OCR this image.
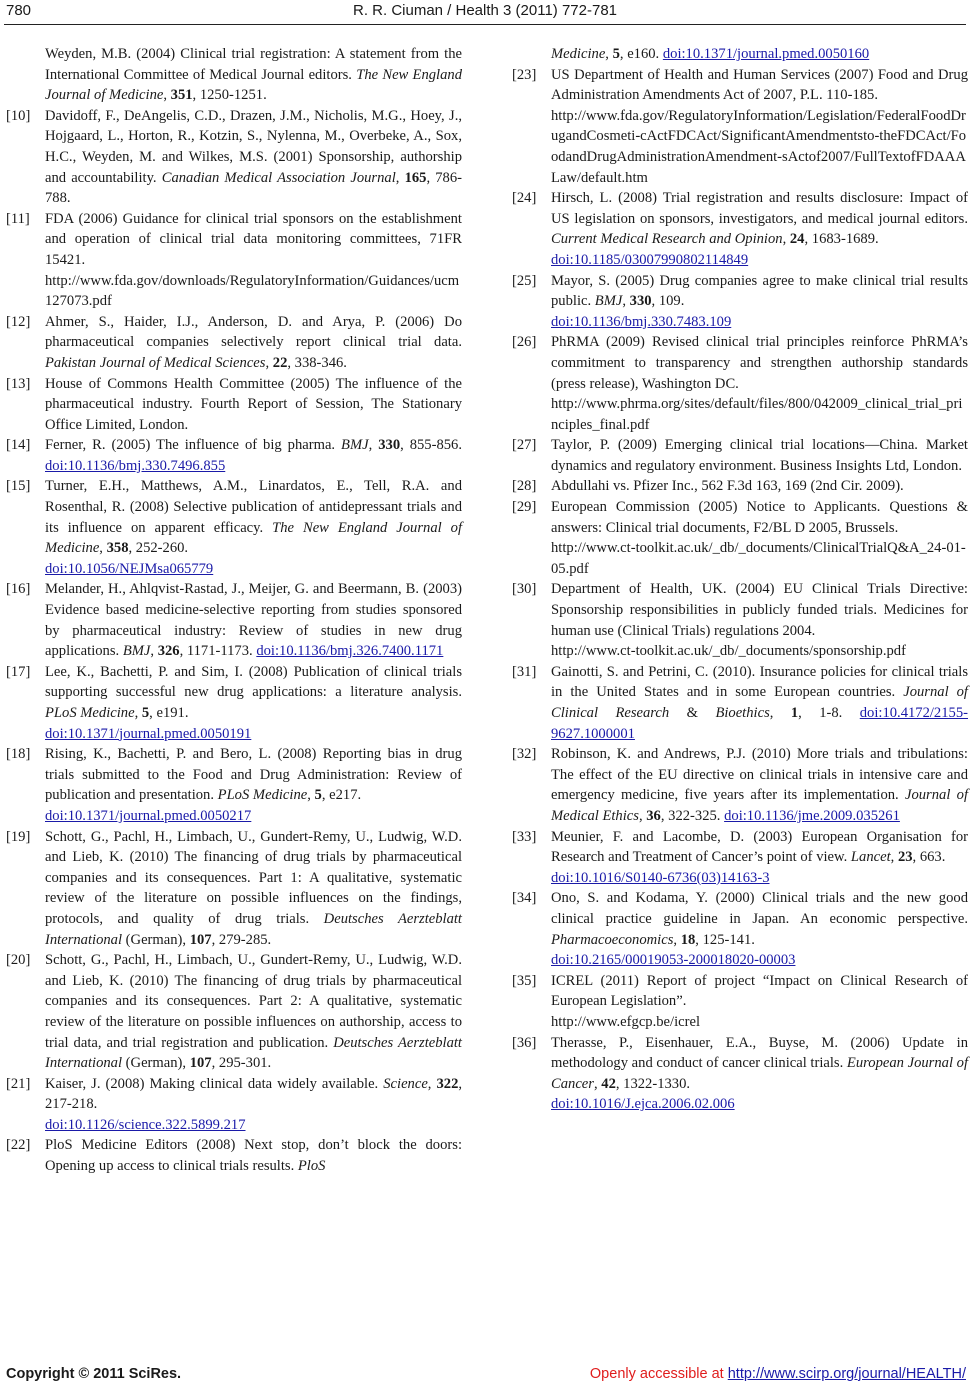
780	R. R. Ciuman / Health 3 (2011) 772-781
Weyden, M.B. (2004) Clinical trial registration: A statement from the International Committee of Medical Journal editors. The New England Journal of Medicine, 351, 1250-1251.
[10] Davidoff, F., DeAngelis, C.D., Drazen, J.M., Nicholis, M.G., Hoey, J., Hojgaard, L., Horton, R., Kotzin, S., Nylenna, M., Overbeke, A., Sox, H.C., Weyden, M. and Wilkes, M.S. (2001) Sponsorship, authorship and accountability. Canadian Medical Association Journal, 165, 786-788.
[11] FDA (2006) Guidance for clinical trial sponsors on the establishment and operation of clinical trial data monitoring committees, 71FR 15421.
http://www.fda.gov/downloads/RegulatoryInformation/Guidances/ucm127073.pdf
[12] Ahmer, S., Haider, I.J., Anderson, D. and Arya, P. (2006) Do pharmaceutical companies selectively report clinical trial data. Pakistan Journal of Medical Sciences, 22, 338-346.
[13] House of Commons Health Committee (2005) The influence of the pharmaceutical industry. Fourth Report of Session, The Stationary Office Limited, London.
[14] Ferner, R. (2005) The influence of big pharma. BMJ, 330, 855-856. doi:10.1136/bmj.330.7496.855
[15] Turner, E.H., Matthews, A.M., Linardatos, E., Tell, R.A. and Rosenthal, R. (2008) Selective publication of antidepressant trials and its influence on apparent efficacy. The New England Journal of Medicine, 358, 252-260.
doi:10.1056/NEJMsa065779
[16] Melander, H., Ahlqvist-Rastad, J., Meijer, G. and Beermann, B. (2003) Evidence based medicine-selective reporting from studies sponsored by pharmaceutical industry: Review of studies in new drug applications. BMJ, 326, 1171-1173. doi:10.1136/bmj.326.7400.1171
[17] Lee, K., Bachetti, P. and Sim, I. (2008) Publication of clinical trials supporting successful new drug applications: a literature analysis. PLoS Medicine, 5, e191.
doi:10.1371/journal.pmed.0050191
[18] Rising, K., Bachetti, P. and Bero, L. (2008) Reporting bias in drug trials submitted to the Food and Drug Administration: Review of publication and presentation. PLoS Medicine, 5, e217.
doi:10.1371/journal.pmed.0050217
[19] Schott, G., Pachl, H., Limbach, U., Gundert-Remy, U., Ludwig, W.D. and Lieb, K. (2010) The financing of drug trials by pharmaceutical companies and its consequences. Part 1: A qualitative, systematic review of the literature on possible influences on the findings, protocols, and quality of drug trials. Deutsches Aerzteblatt International (German), 107, 279-285.
[20] Schott, G., Pachl, H., Limbach, U., Gundert-Remy, U., Ludwig, W.D. and Lieb, K. (2010) The financing of drug trials by pharmaceutical companies and its consequences. Part 2: A qualitative, systematic review of the literature on possible influences on authorship, access to trial data, and trial registration and publication. Deutsches Aerzteblatt International (German), 107, 295-301.
[21] Kaiser, J. (2008) Making clinical data widely available. Science, 322, 217-218.
doi:10.1126/science.322.5899.217
[22] PloS Medicine Editors (2008) Next stop, don’t block the doors: Opening up access to clinical trials results. PloS
Medicine, 5, e160. doi:10.1371/journal.pmed.0050160
[23] US Department of Health and Human Services (2007) Food and Drug Administration Amendments Act of 2007, P.L. 110-185.
http://www.fda.gov/RegulatoryInformation/Legislation/FederalFoodDrugandCosmeti-cActFDCAct/SignificantAmendmentsto-theFDCAct/FoodandDrugAdministrationAmendment-sActof2007/FullTextofFDAAA Law/default.htm
[24] Hirsch, L. (2008) Trial registration and results disclosure: Impact of US legislation on sponsors, investigators, and medical journal editors. Current Medical Research and Opinion, 24, 1683-1689.
doi:10.1185/03007990802114849
[25] Mayor, S. (2005) Drug companies agree to make clinical trial results public. BMJ, 330, 109.
doi:10.1136/bmj.330.7483.109
[26] PhRMA (2009) Revised clinical trial principles reinforce PhRMA’s commitment to transparency and strengthen authorship standards (press release), Washington DC.
http://www.phrma.org/sites/default/files/800/042009_clinical_trial_principles_final.pdf
[27] Taylor, P. (2009) Emerging clinical trial locations—China. Market dynamics and regulatory environment. Business Insights Ltd, London.
[28] Abdullahi vs. Pfizer Inc., 562 F.3d 163, 169 (2nd Cir. 2009).
[29] European Commission (2005) Notice to Applicants. Questions & answers: Clinical trial documents, F2/BL D 2005, Brussels.
http://www.ct-toolkit.ac.uk/_db/_documents/ClinicalTrialQ&A_24-01-05.pdf
[30] Department of Health, UK. (2004) EU Clinical Trials Directive: Sponsorship responsibilities in publicly funded trials. Medicines for human use (Clinical Trials) regulations 2004.
http://www.ct-toolkit.ac.uk/_db/_documents/sponsorship.pdf
[31] Gainotti, S. and Petrini, C. (2010). Insurance policies for clinical trials in the United States and in some European countries. Journal of Clinical Research & Bioethics, 1, 1-8. doi:10.4172/2155-9627.1000001
[32] Robinson, K. and Andrews, P.J. (2010) More trials and tribulations: The effect of the EU directive on clinical trials in intensive care and emergency medicine, five years after its implementation. Journal of Medical Ethics, 36, 322-325. doi:10.1136/jme.2009.035261
[33] Meunier, F. and Lacombe, D. (2003) European Organisation for Research and Treatment of Cancer’s point of view. Lancet, 23, 663.
doi:10.1016/S0140-6736(03)14163-3
[34] Ono, S. and Kodama, Y. (2000) Clinical trials and the new good clinical practice guideline in Japan. An economic perspective. Pharmacoeconomics, 18, 125-141.
doi:10.2165/00019053-200018020-00003
[35] ICREL (2011) Report of project “Impact on Clinical Research of European Legislation”.
http://www.efgcp.be/icrel
[36] Therasse, P., Eisenhauer, E.A., Buyse, M. (2006) Update in methodology and conduct of cancer clinical trials. European Journal of Cancer, 42, 1322-1330.
doi:10.1016/J.ejca.2006.02.006
Copyright © 2011 SciRes.	Openly accessible at http://www.scirp.org/journal/HEALTH/
